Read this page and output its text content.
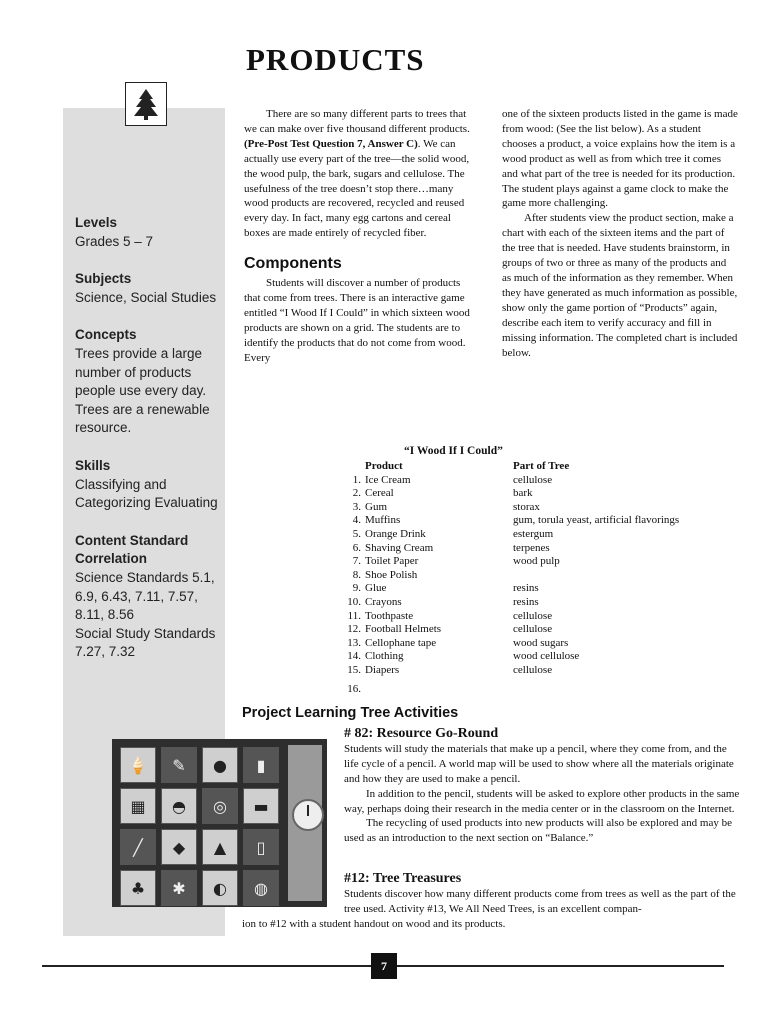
PRODUCTS
Levels
Grades 5 – 7
Subjects
Science, Social Studies
Concepts
Trees provide a large number of products people use every day. Trees are a renewable resource.
Skills
Classifying and Categorizing Evaluating
Content Standard Correlation
Science Standards 5.1, 6.9, 6.43, 7.11, 7.57, 8.11, 8.56
Social Study Standards 7.27, 7.32

There are so many different parts to trees that we can make over five thousand different products. (Pre-Post Test Question 7, Answer C). We can actually use every part of the tree—the solid wood, the wood pulp, the bark, sugars and cellulose. The usefulness of the tree doesn’t stop there…many wood products are recovered, recycled and reused every day. In fact, many egg cartons and cereal boxes are made entirely of recycled fiber.

Components

Students will discover a number of products that come from trees. There is an interactive game entitled “I Wood If I Could” in which sixteen wood products are shown on a grid. The students are to identify the products that do not come from wood. Every

one of the sixteen products listed in the game is made from wood: (See the list below). As a student chooses a product, a voice explains how the item is a wood product as well as from which tree it comes and what part of the tree is needed for its production. The student plays against a game clock to make the game more challenging.

After students view the product section, make a chart with each of the sixteen items and the part of the tree that is needed. Have students brainstorm, in groups of two or three as many of the products and as much of the information as they remember. When they have generated as much information as possible, show only the game portion of “Products” again, describe each item to verify accuracy and fill in missing information. The completed chart is included below.

“I Wood If I Could”
Product	Part of Tree
1. Ice Cream	cellulose
2. Cereal	bark
3. Gum	storax
4. Muffins	gum, torula yeast, artificial flavorings
5. Orange Drink	estergum
6. Shaving Cream	terpenes
7. Toilet Paper	wood pulp
8. Shoe Polish
9. Glue	resins
10. Crayons	resins
11. Toothpaste	cellulose
12. Football Helmets	cellulose
13. Cellophane tape	wood sugars
14. Clothing	wood cellulose
15. Diapers	cellulose
16.
Project Learning Tree Activities
🍦	✎	●	▮
▦	◓	◎	▬
╱	◆	▲	▯
♣	✱	◐	◍
# 82: Resource Go-Round

Students will study the materials that make up a pencil, where they come from, and the life cycle of a pencil. A world map will be used to show where all the materials originate and how they are used to make a pencil.

In addition to the pencil, students will be asked to explore other products in the same way, perhaps doing their research in the media center or in the classroom on the Internet.

The recycling of used products into new products will also be explored and may be used as an introduction to the next section on “Balance.”

#12: Tree Treasures

Students discover how many different products come from trees as well as the part of the tree used. Activity #13, We All Need Trees, is an excellent compan-

ion to #12 with a student handout on wood and its products.
7
